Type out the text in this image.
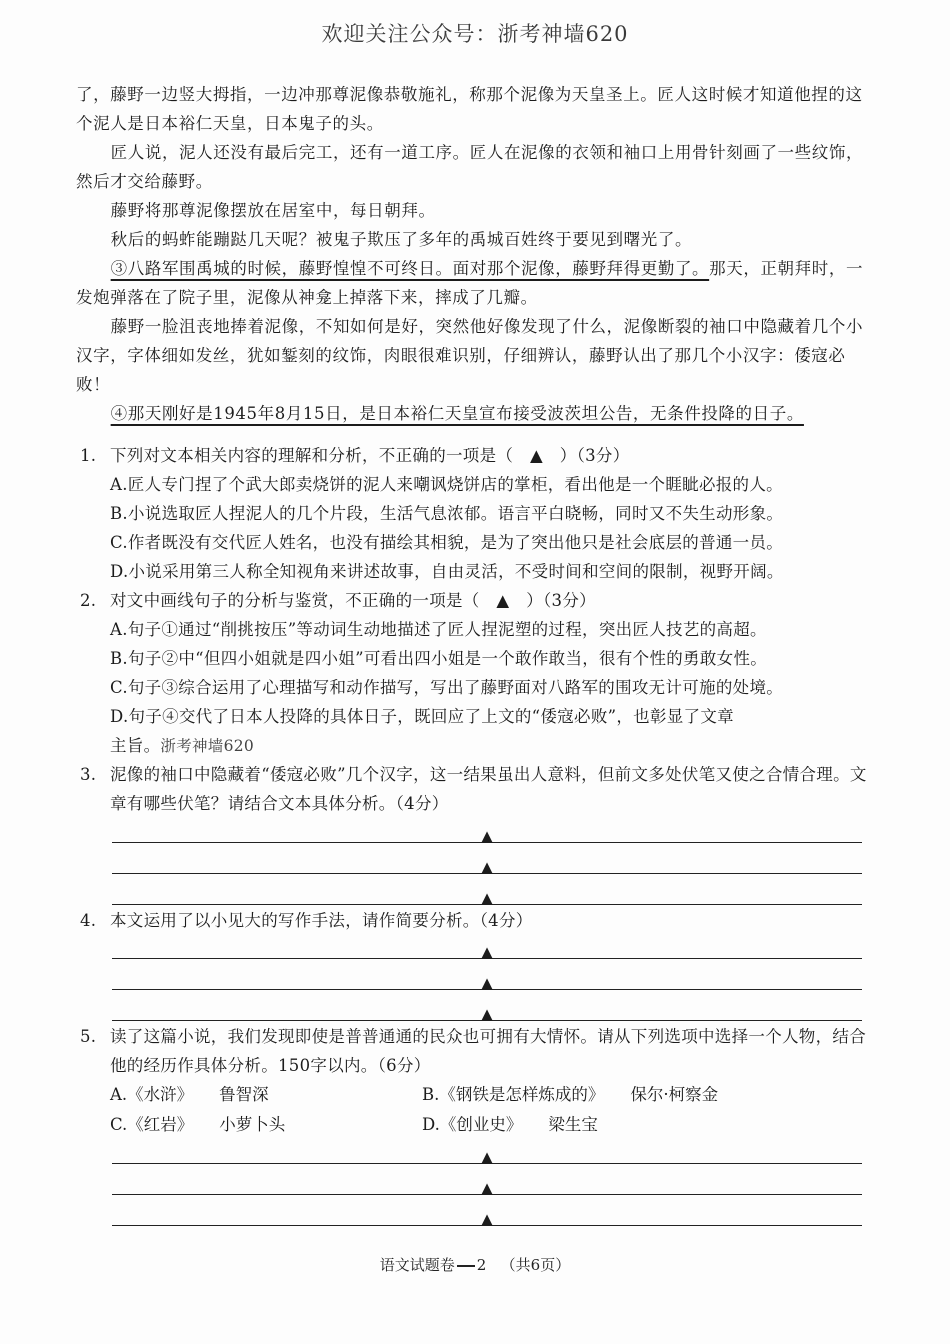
欢迎关注公众号：浙考神墙620

了，藤野一边竖大拇指，一边冲那尊泥像恭敬施礼，称那个泥像为天皇圣上。匠人这时候才知道他捏的这个泥人是日本裕仁天皇，日本鬼子的头。

匠人说，泥人还没有最后完工，还有一道工序。匠人在泥像的衣领和袖口上用骨针刻画了一些纹饰，然后才交给藤野。

藤野将那尊泥像摆放在居室中，每日朝拜。

秋后的蚂蚱能蹦跶几天呢？被鬼子欺压了多年的禹城百姓终于要见到曙光了。

③八路军围禹城的时候，藤野惶惶不可终日。面对那个泥像，藤野拜得更勤了。那天，正朝拜时，一发炮弹落在了院子里，泥像从神龛上掉落下来，摔成了几瓣。

藤野一脸沮丧地捧着泥像，不知如何是好，突然他好像发现了什么，泥像断裂的袖口中隐藏着几个小汉字，字体细如发丝，犹如錾刻的纹饰，肉眼很难识别，仔细辨认，藤野认出了那几个小汉字：倭寇必败！

④那天刚好是1945年8月15日，是日本裕仁天皇宣布接受波茨坦公告，无条件投降的日子。

1. 下列对文本相关内容的理解和分析，不正确的一项是（　▲　）（3分）
A.匠人专门捏了个武大郎卖烧饼的泥人来嘲讽烧饼店的掌柜，看出他是一个睚眦必报的人。
B.小说选取匠人捏泥人的几个片段，生活气息浓郁。语言平白晓畅，同时又不失生动形象。
C.作者既没有交代匠人姓名，也没有描绘其相貌，是为了突出他只是社会底层的普通一员。
D.小说采用第三人称全知视角来讲述故事，自由灵活，不受时间和空间的限制，视野开阔。
2. 对文中画线句子的分析与鉴赏，不正确的一项是（　▲　）（3分）
A.句子①通过“削挑按压”等动词生动地描述了匠人捏泥塑的过程，突出匠人技艺的高超。
B.句子②中“但四小姐就是四小姐”可看出四小姐是一个敢作敢当，很有个性的勇敢女性。
C.句子③综合运用了心理描写和动作描写，写出了藤野面对八路军的围攻无计可施的处境。
D.句子④交代了日本人投降的具体日子，既回应了上文的“倭寇必败”，也彰显了文章
主旨。浙考神墙620
3. 泥像的袖口中隐藏着“倭寇必败”几个汉字，这一结果虽出人意料，但前文多处伏笔又使之合情合理。文章有哪些伏笔？请结合文本具体分析。（4分）
▲
▲
▲
4. 本文运用了以小见大的写作手法，请作简要分析。（4分）
▲
▲
▲
5. 读了这篇小说，我们发现即使是普普通通的民众也可拥有大情怀。请从下列选项中选择一个人物，结合他的经历作具体分析。150字以内。（6分）
A.《水浒》 鲁智深	B.《钢铁是怎样炼成的》 保尔·柯察金
C.《红岩》 小萝卜头	D.《创业史》 梁生宝
▲
▲
▲
语文试题卷 2 （共6页）
